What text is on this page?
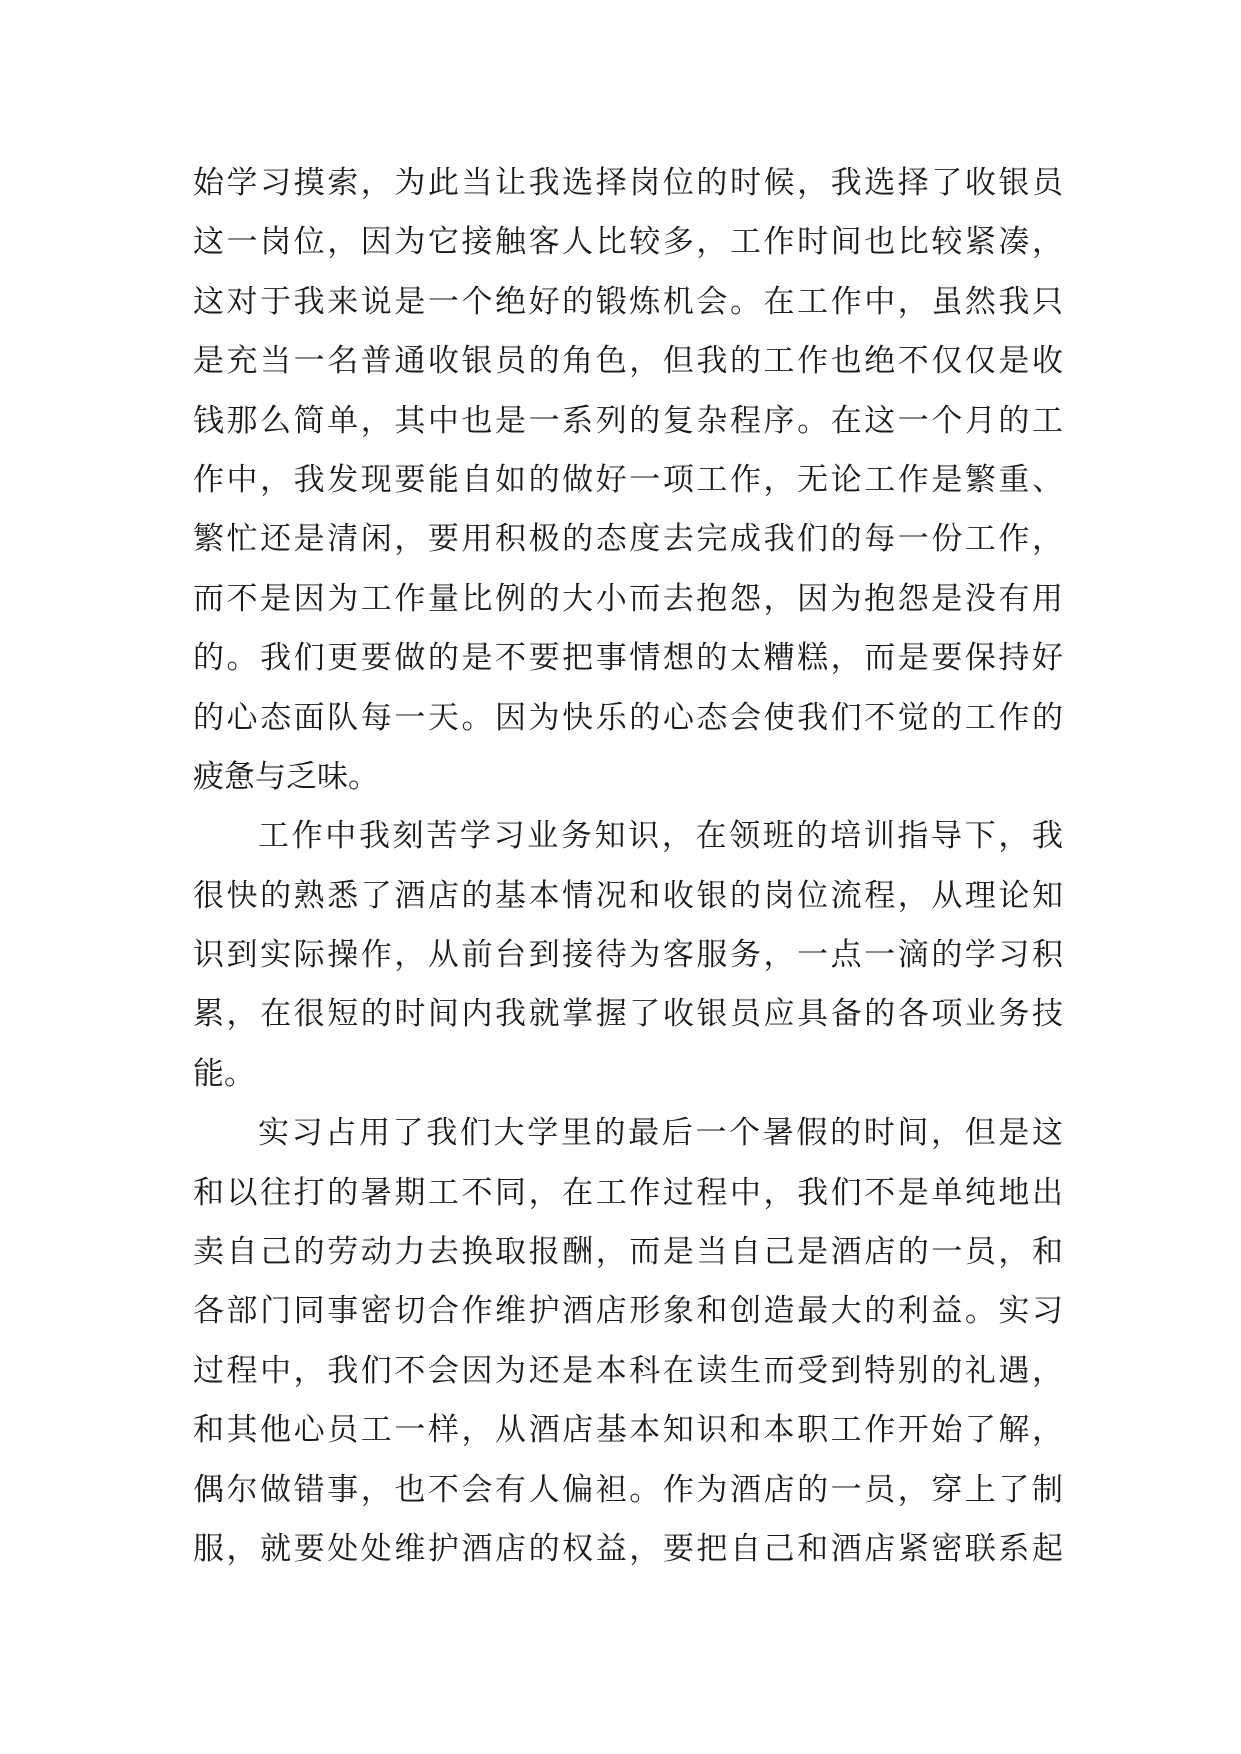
始学习摸索，为此当让我选择岗位的时候，我选择了收银员
这一岗位，因为它接触客人比较多，工作时间也比较紧凑，
这对于我来说是一个绝好的锻炼机会。在工作中，虽然我只
是充当一名普通收银员的角色，但我的工作也绝不仅仅是收
钱那么简单，其中也是一系列的复杂程序。在这一个月的工
作中，我发现要能自如的做好一项工作，无论工作是繁重、
繁忙还是清闲，要用积极的态度去完成我们的每一份工作，
而不是因为工作量比例的大小而去抱怨，因为抱怨是没有用
的。我们更要做的是不要把事情想的太糟糕，而是要保持好
的心态面队每一天。因为快乐的心态会使我们不觉的工作的
疲惫与乏味。
工作中我刻苦学习业务知识，在领班的培训指导下，我
很快的熟悉了酒店的基本情况和收银的岗位流程，从理论知
识到实际操作，从前台到接待为客服务，一点一滴的学习积
累，在很短的时间内我就掌握了收银员应具备的各项业务技
能。
实习占用了我们大学里的最后一个暑假的时间，但是这
和以往打的暑期工不同，在工作过程中，我们不是单纯地出
卖自己的劳动力去换取报酬，而是当自己是酒店的一员，和
各部门同事密切合作维护酒店形象和创造最大的利益。实习
过程中，我们不会因为还是本科在读生而受到特别的礼遇，
和其他心员工一样，从酒店基本知识和本职工作开始了解，
偶尔做错事，也不会有人偏袒。作为酒店的一员，穿上了制
服，就要处处维护酒店的权益，要把自己和酒店紧密联系起
